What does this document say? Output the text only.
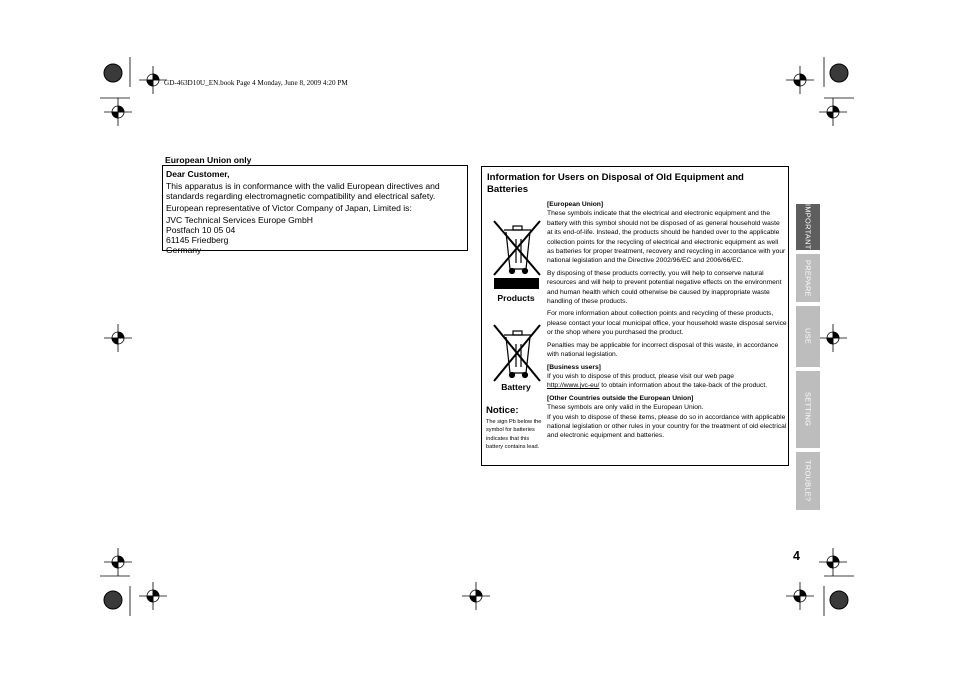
GD-463D10U_EN.book Page 4 Monday, June 8, 2009 4:20 PM
European Union only

Dear Customer,

This apparatus is in conformance with the valid European directives and standards regarding electromagnetic compatibility and electrical safety.

European representative of Victor Company of Japan, Limited is:

JVC Technical Services Europe GmbH

Postfach 10 05 04

61145 Friedberg

Germany

Information for Users on Disposal of Old Equipment and Batteries
Products
Battery
Notice:
The sign Pb below the symbol for batteries indicates that this battery contains lead.

[European Union]

These symbols indicate that the electrical and electronic equipment and the battery with this symbol should not be disposed of as general household waste at its end-of-life. Instead, the products should be handed over to the applicable collection points for the recycling of electrical and electronic equipment as well as batteries for proper treatment, recovery and recycling in accordance with your national legislation and the Directive 2002/96/EC and 2006/66/EC.

By disposing of these products correctly, you will help to conserve natural resources and will help to prevent potential negative effects on the environment and human health which could otherwise be caused by inappropriate waste handling of these products.

For more information about collection points and recycling of these products, please contact your local municipal office, your household waste disposal service or the shop where you purchased the product.

Penalties may be applicable for incorrect disposal of this waste, in accordance with national legislation.

[Business users]

If you wish to dispose of this product, please visit our web page
http://www.jvc-eu/ to obtain information about the take-back of the product.

[Other Countries outside the European Union]

These symbols are only valid in the European Union.

If you wish to dispose of these items, please do so in accordance with applicable national legislation or other rules in your country for the treatment of old electrical and electronic equipment and batteries.

IMPORTANT
PREPARE
USE
SETTING
TROUBLE?
4
